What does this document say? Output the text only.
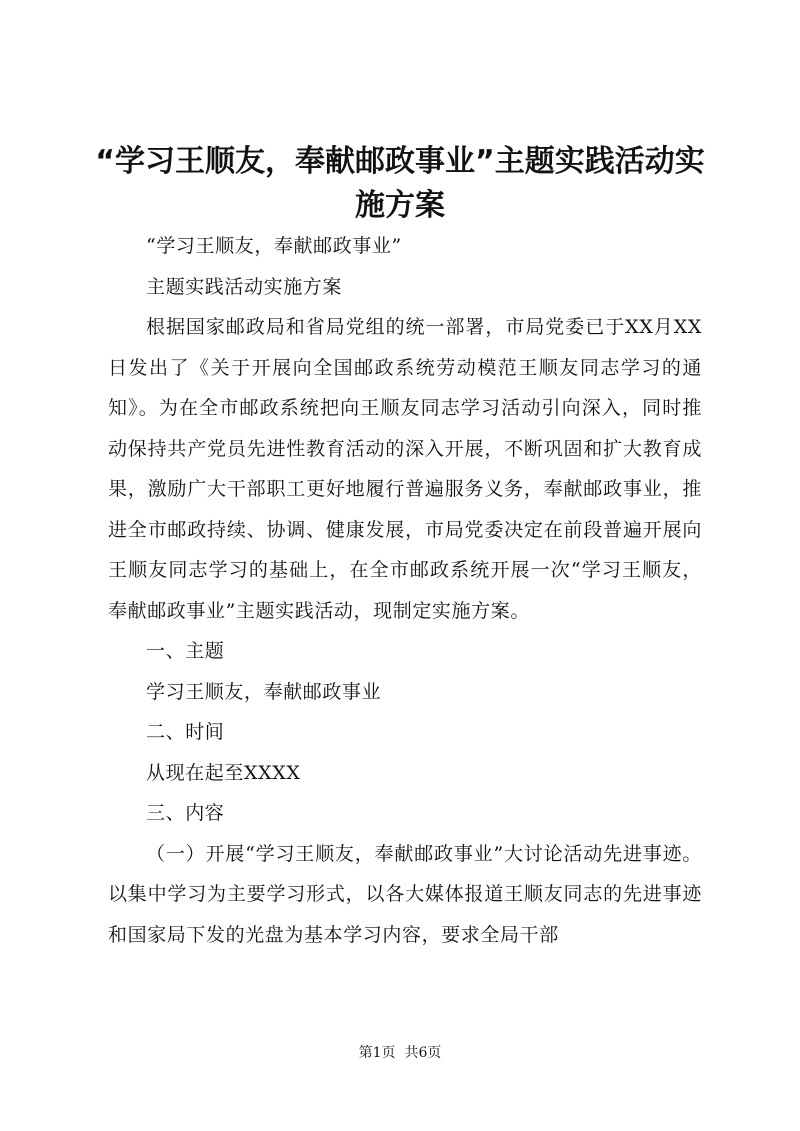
“学习王顺友，奉献邮政事业”主题实践活动实施方案

“学习王顺友，奉献邮政事业”

主题实践活动实施方案

根据国家邮政局和省局党组的统一部署，市局党委已于XX月XX日发出了《关于开展向全国邮政系统劳动模范王顺友同志学习的通知》。为在全市邮政系统把向王顺友同志学习活动引向深入，同时推动保持共产党员先进性教育活动的深入开展，不断巩固和扩大教育成果，激励广大干部职工更好地履行普遍服务义务，奉献邮政事业，推进全市邮政持续、协调、健康发展，市局党委决定在前段普遍开展向王顺友同志学习的基础上，在全市邮政系统开展一次“学习王顺友，奉献邮政事业”主题实践活动，现制定实施方案。

一、主题

学习王顺友，奉献邮政事业

二、时间

从现在起至XXXX

三、内容

（一）开展“学习王顺友，奉献邮政事业”大讨论活动先进事迹。以集中学习为主要学习形式，以各大媒体报道王顺友同志的先进事迹和国家局下发的光盘为基本学习内容，要求全局干部

第1页  共6页
